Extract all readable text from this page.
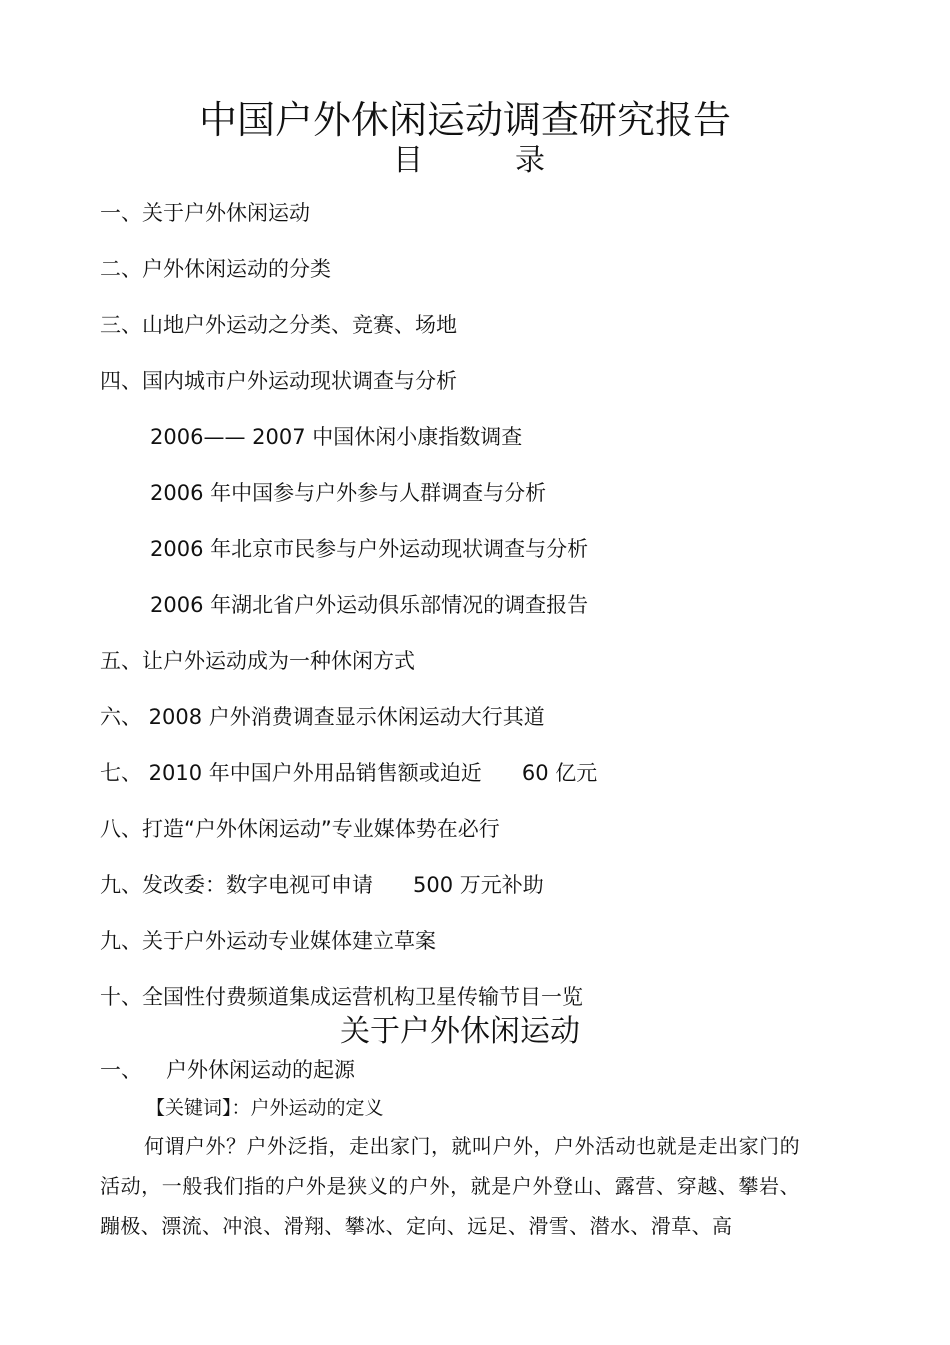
中国户外休闲运动调查研究报告
目	录
一、关于户外休闲运动
二、户外休闲运动的分类
三、山地户外运动之分类、竞赛、场地
四、国内城市户外运动现状调查与分析
2006—— 2007 中国休闲小康指数调查
2006 年中国参与户外参与人群调查与分析
2006 年北京市民参与户外运动现状调查与分析
2006 年湖北省户外运动俱乐部情况的调查报告
五、让户外运动成为一种休闲方式
六、 2008 户外消费调查显示休闲运动大行其道
七、 2010 年中国户外用品销售额或迫近      60 亿元
八、打造“户外休闲运动”专业媒体势在必行
九、发改委：数字电视可申请      500 万元补助
九、关于户外运动专业媒体建立草案
十、全国性付费频道集成运营机构卫星传输节目一览
关于户外休闲运动
一、 户外休闲运动的起源
【关键词】：户外运动的定义
何谓户外？户外泛指，走出家门，就叫户外，户外活动也就是走出家门的活动，一般我们指的户外是狭义的户外，就是户外登山、露营、穿越、攀岩、蹦极、漂流、冲浪、滑翔、攀冰、定向、远足、滑雪、潜水、滑草、高
